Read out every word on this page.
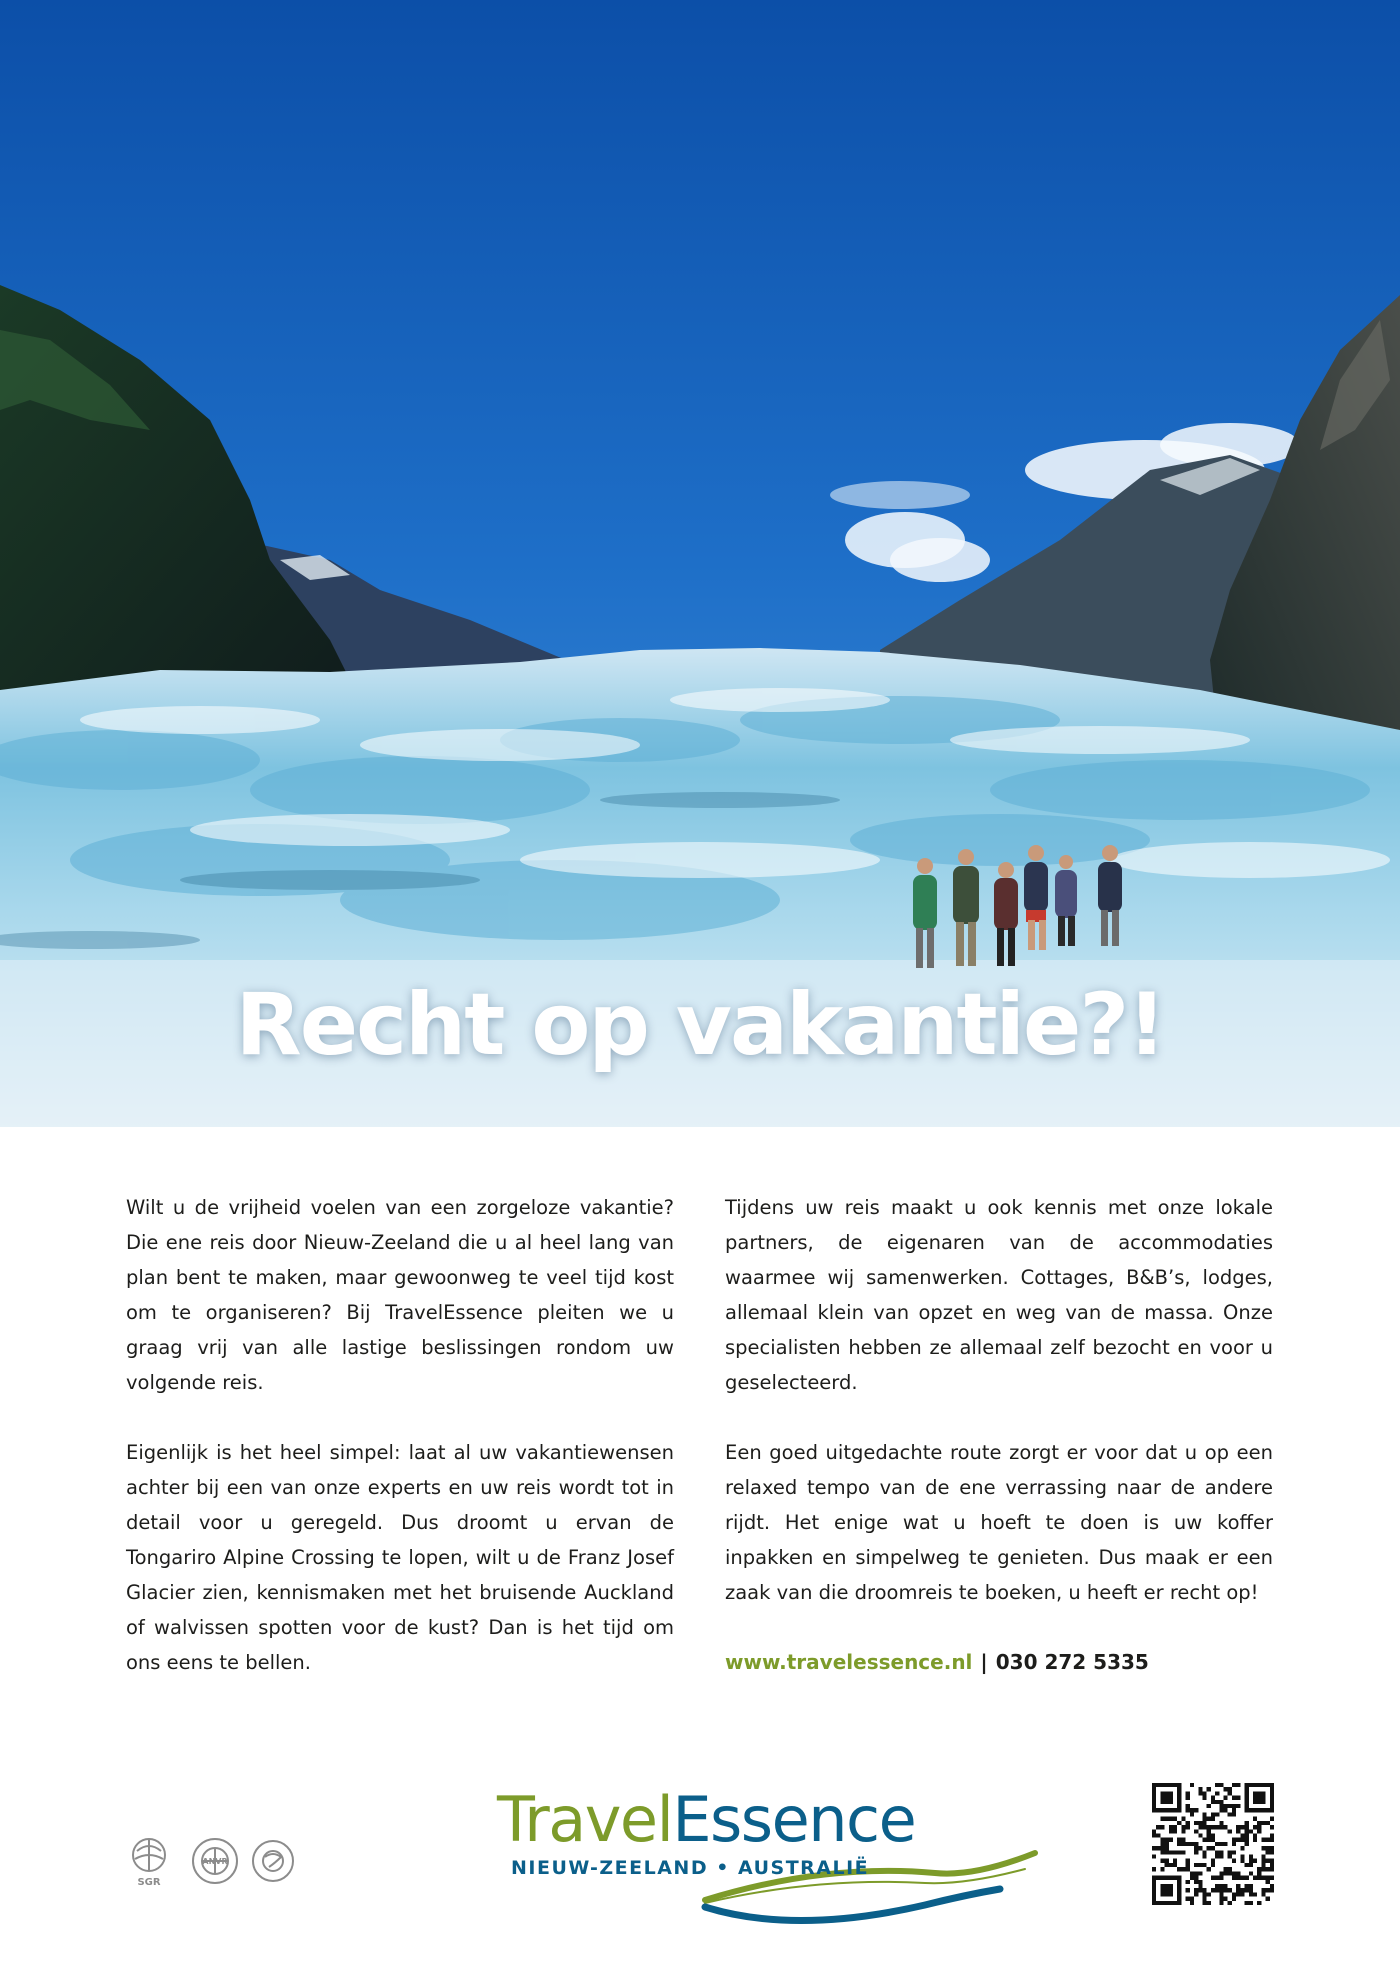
Recht op vakantie?!

Wilt u de vrijheid voelen van een zorgeloze vakantie? Die ene reis door Nieuw-Zeeland die u al heel lang van plan bent te maken, maar gewoonweg te veel tijd kost om te organiseren? Bij TravelEssence pleiten we u graag vrij van alle lastige beslissingen rondom uw volgende reis.

Eigenlijk is het heel simpel: laat al uw vakantiewensen achter bij een van onze experts en uw reis wordt tot in detail voor u geregeld. Dus droomt u ervan de Tongariro Alpine Crossing te lopen, wilt u de Franz Josef Glacier zien, kennismaken met het bruisende Auckland of walvissen spotten voor de kust? Dan is het tijd om ons eens te bellen.

Tijdens uw reis maakt u ook kennis met onze lokale partners, de eigenaren van de accommodaties waarmee wij samenwerken. Cottages, B&B’s, lodges, allemaal klein van opzet en weg van de massa. Onze specialisten hebben ze allemaal zelf bezocht en voor u geselecteerd.

Een goed uitgedachte route zorgt er voor dat u op een relaxed tempo van de ene verrassing naar de andere rijdt. Het enige wat u hoeft te doen is uw koffer inpakken en simpelweg te genieten. Dus maak er een zaak van die droomreis te boeken, u heeft er recht op!

www.travelessence.nl | 030 272 5335

SGR
ANVR
TravelEssence
NIEUW-ZEELAND • AUSTRALIË
